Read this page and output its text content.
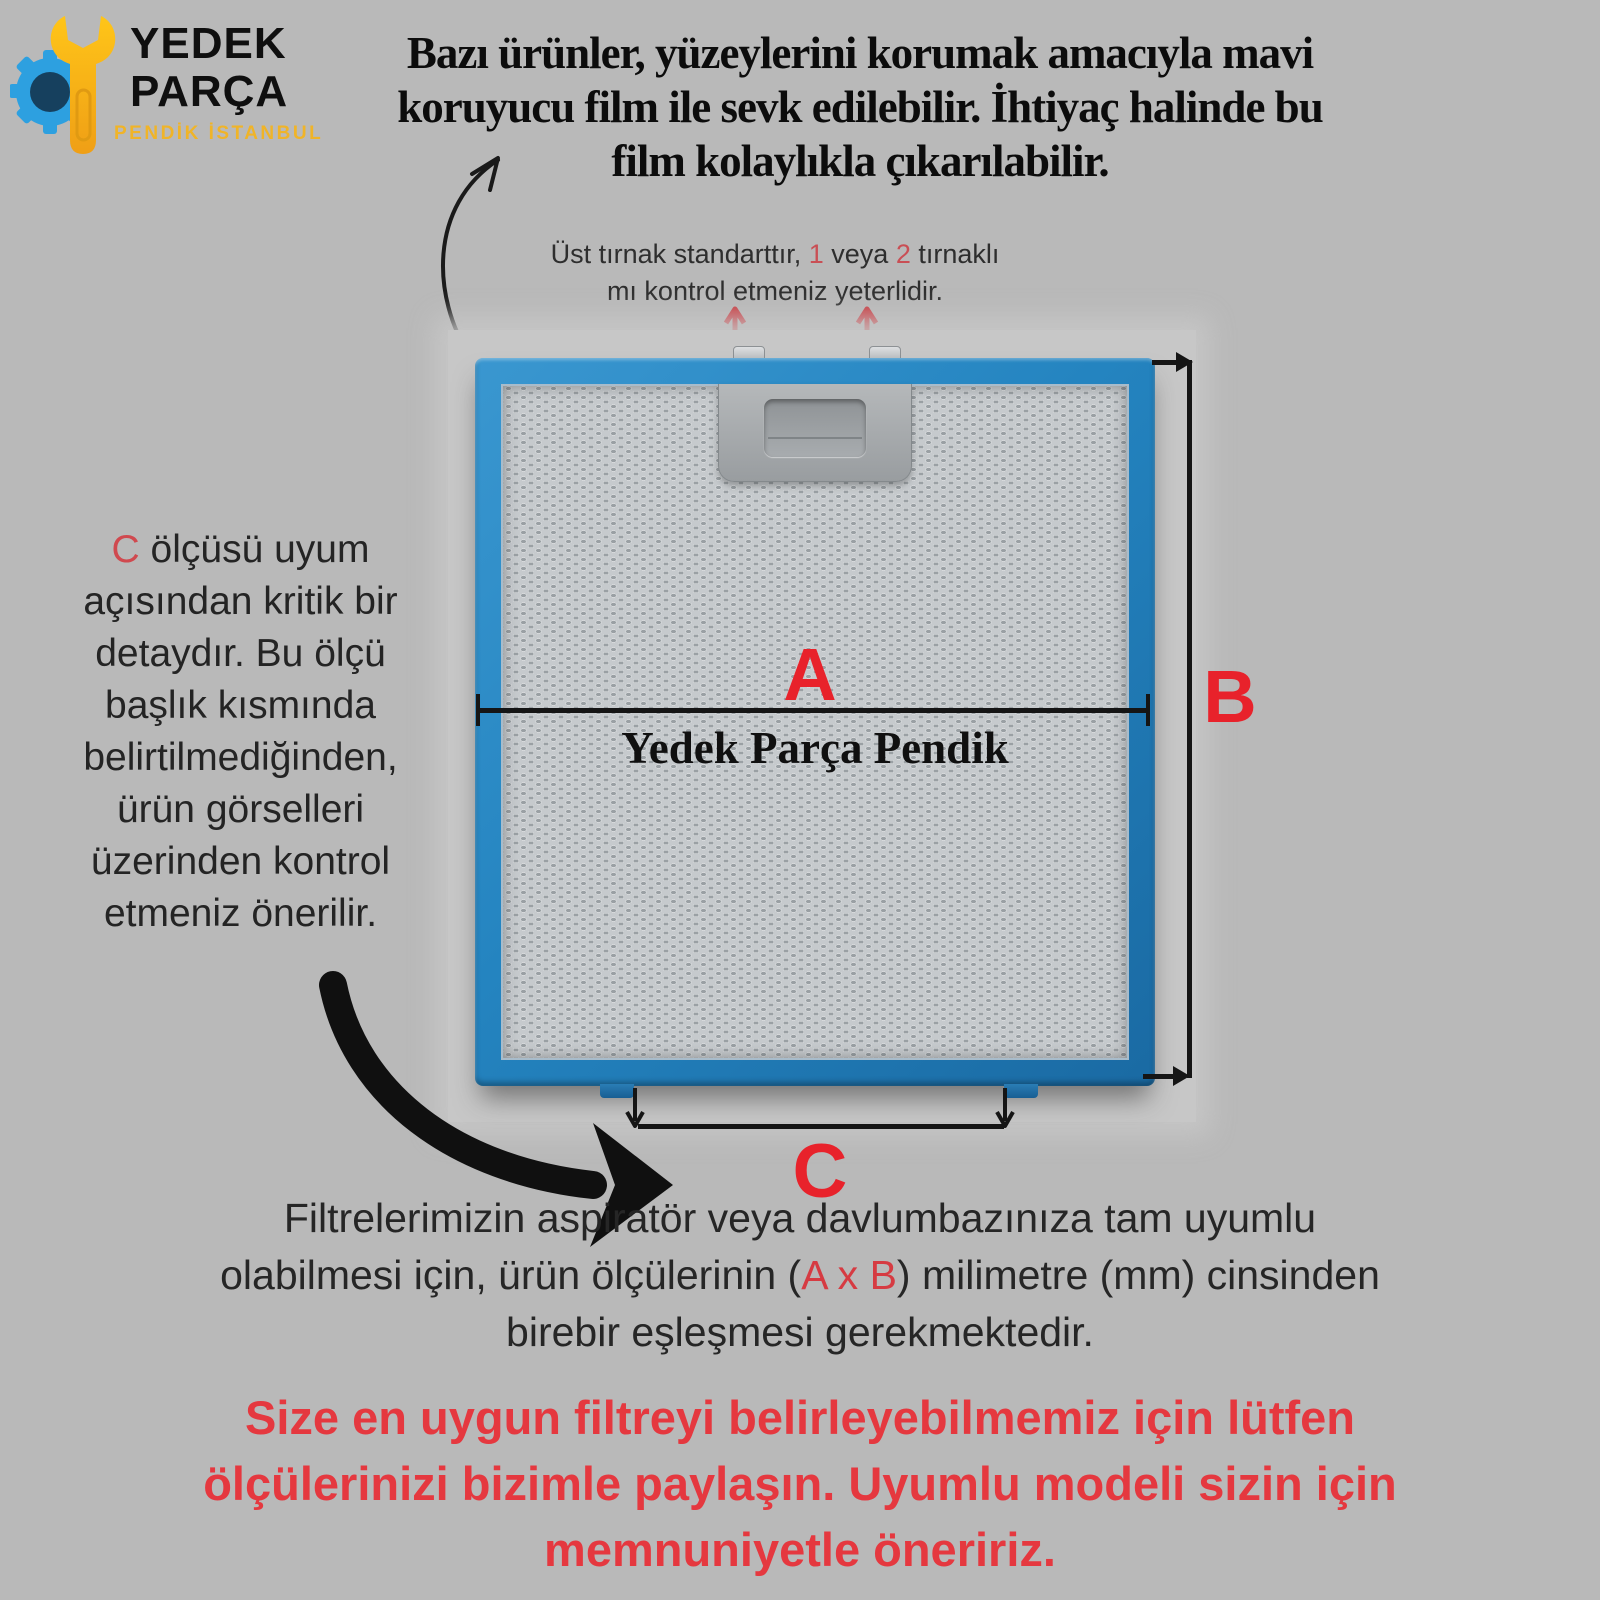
YEDEK
PARÇA
PENDİK İSTANBUL
Bazı ürünler, yüzeylerini korumak amacıyla mavi
koruyucu film ile sevk edilebilir. İhtiyaç halinde bu
film kolaylıkla çıkarılabilir.
Üst tırnak standarttır, 1 veya 2 tırnaklı
mı kontrol etmeniz yeterlidir.
C ölçüsü uyum
açısından kritik bir
detaydır. Bu ölçü
başlık kısmında
belirtilmediğinden,
ürün görselleri
üzerinden kontrol
etmeniz önerilir.
A
Yedek Parça Pendik
B
C
Filtrelerimizin aspiratör veya davlumbazınıza tam uyumlu
olabilmesi için, ürün ölçülerinin (A x B) milimetre (mm) cinsinden
birebir eşleşmesi gerekmektedir.
Size en uygun filtreyi belirleyebilmemiz için lütfen
ölçülerinizi bizimle paylaşın. Uyumlu modeli sizin için
memnuniyetle öneririz.
